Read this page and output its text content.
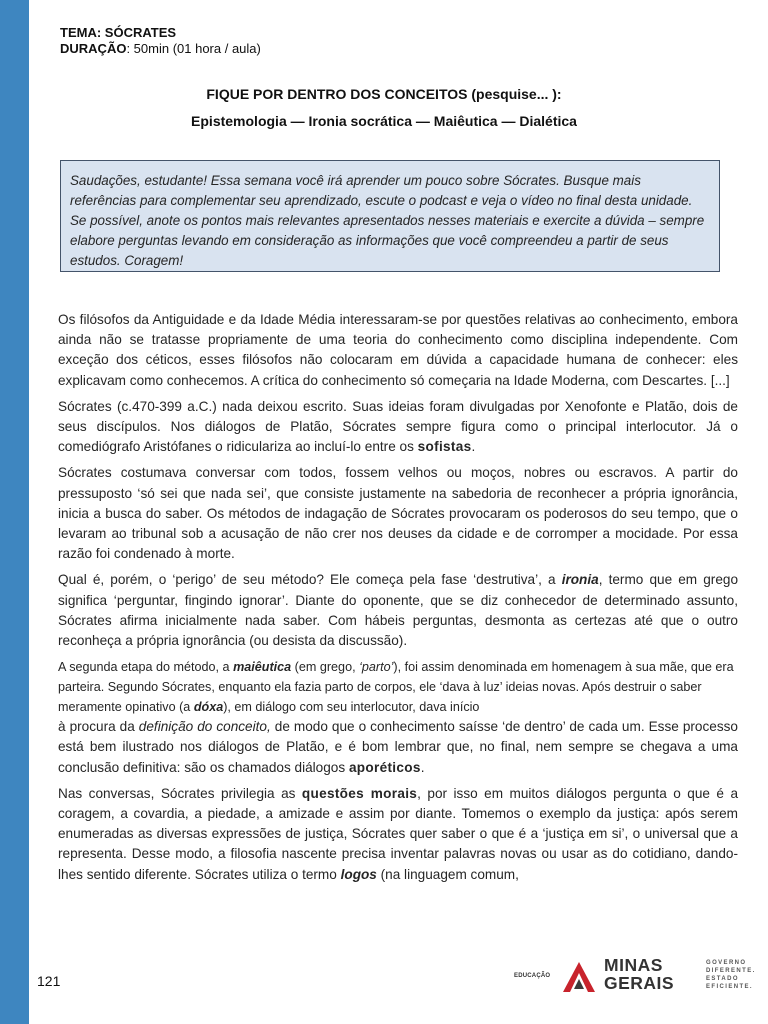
TEMA: SÓCRATES
DURAÇÃO: 50min (01 hora / aula)
FIQUE POR DENTRO DOS CONCEITOS (pesquise... ):
Epistemologia — Ironia socrática — Maiêutica — Dialética
Saudações, estudante! Essa semana você irá aprender um pouco sobre Sócrates. Busque mais referências para complementar seu aprendizado, escute o podcast e veja o vídeo no final desta unidade. Se possível, anote os pontos mais relevantes apresentados nesses materiais e exercite a dúvida – sempre elabore perguntas levando em consideração as informações que você compreendeu a partir de seus estudos. Coragem!

Os filósofos da Antiguidade e da Idade Média interessaram-se por questões relativas ao conhecimento, embora ainda não se tratasse propriamente de uma teoria do conhecimento como disciplina independente. Com exceção dos céticos, esses filósofos não colocaram em dúvida a capacidade humana de conhecer: eles explicavam como conhecemos. A crítica do conhecimento só começaria na Idade Moderna, com Descartes. [...]

Sócrates (c.470-399 a.C.) nada deixou escrito. Suas ideias foram divulgadas por Xenofonte e Platão, dois de seus discípulos. Nos diálogos de Platão, Sócrates sempre figura como o principal interlocutor. Já o comediógrafo Aristófanes o ridiculariza ao incluí-lo entre os sofistas.

Sócrates costumava conversar com todos, fossem velhos ou moços, nobres ou escravos. A partir do pressuposto ‘só sei que nada sei’, que consiste justamente na sabedoria de reconhecer a própria ignorância, inicia a busca do saber. Os métodos de indagação de Sócrates provocaram os poderosos do seu tempo, que o levaram ao tribunal sob a acusação de não crer nos deuses da cidade e de corromper a mocidade. Por essa razão foi condenado à morte.

Qual é, porém, o ‘perigo’ de seu método? Ele começa pela fase ‘destrutiva’, a ironia, termo que em grego significa ‘perguntar, fingindo ignorar’. Diante do oponente, que se diz conhecedor de determinado assunto, Sócrates afirma inicialmente nada saber. Com hábeis perguntas, desmonta as certezas até que o outro reconheça a própria ignorância (ou desista da discussão).

A segunda etapa do método, a maiêutica (em grego, ‘parto’), foi assim denominada em homenagem à sua mãe, que era parteira. Segundo Sócrates, enquanto ela fazia parto de corpos, ele ‘dava à luz’ ideias novas. Após destruir o saber meramente opinativo (a dóxa), em diálogo com seu interlocutor, dava início

à procura da definição do conceito, de modo que o conhecimento saísse ‘de dentro’ de cada um. Esse processo está bem ilustrado nos diálogos de Platão, e é bom lembrar que, no final, nem sempre se chegava a uma conclusão definitiva: são os chamados diálogos aporéticos.

Nas conversas, Sócrates privilegia as questões morais, por isso em muitos diálogos pergunta o que é a coragem, a covardia, a piedade, a amizade e assim por diante. Tomemos o exemplo da justiça: após serem enumeradas as diversas expressões de justiça, Sócrates quer saber o que é a ‘justiça em si’, o universal que a representa. Desse modo, a filosofia nascente precisa inventar palavras novas ou usar as do cotidiano, dando-lhes sentido diferente. Sócrates utiliza o termo logos (na linguagem comum,

121	EDUCAÇÃO
MINAS
GERAIS
GOVERNO
DIFERENTE.
ESTADO
EFICIENTE.
